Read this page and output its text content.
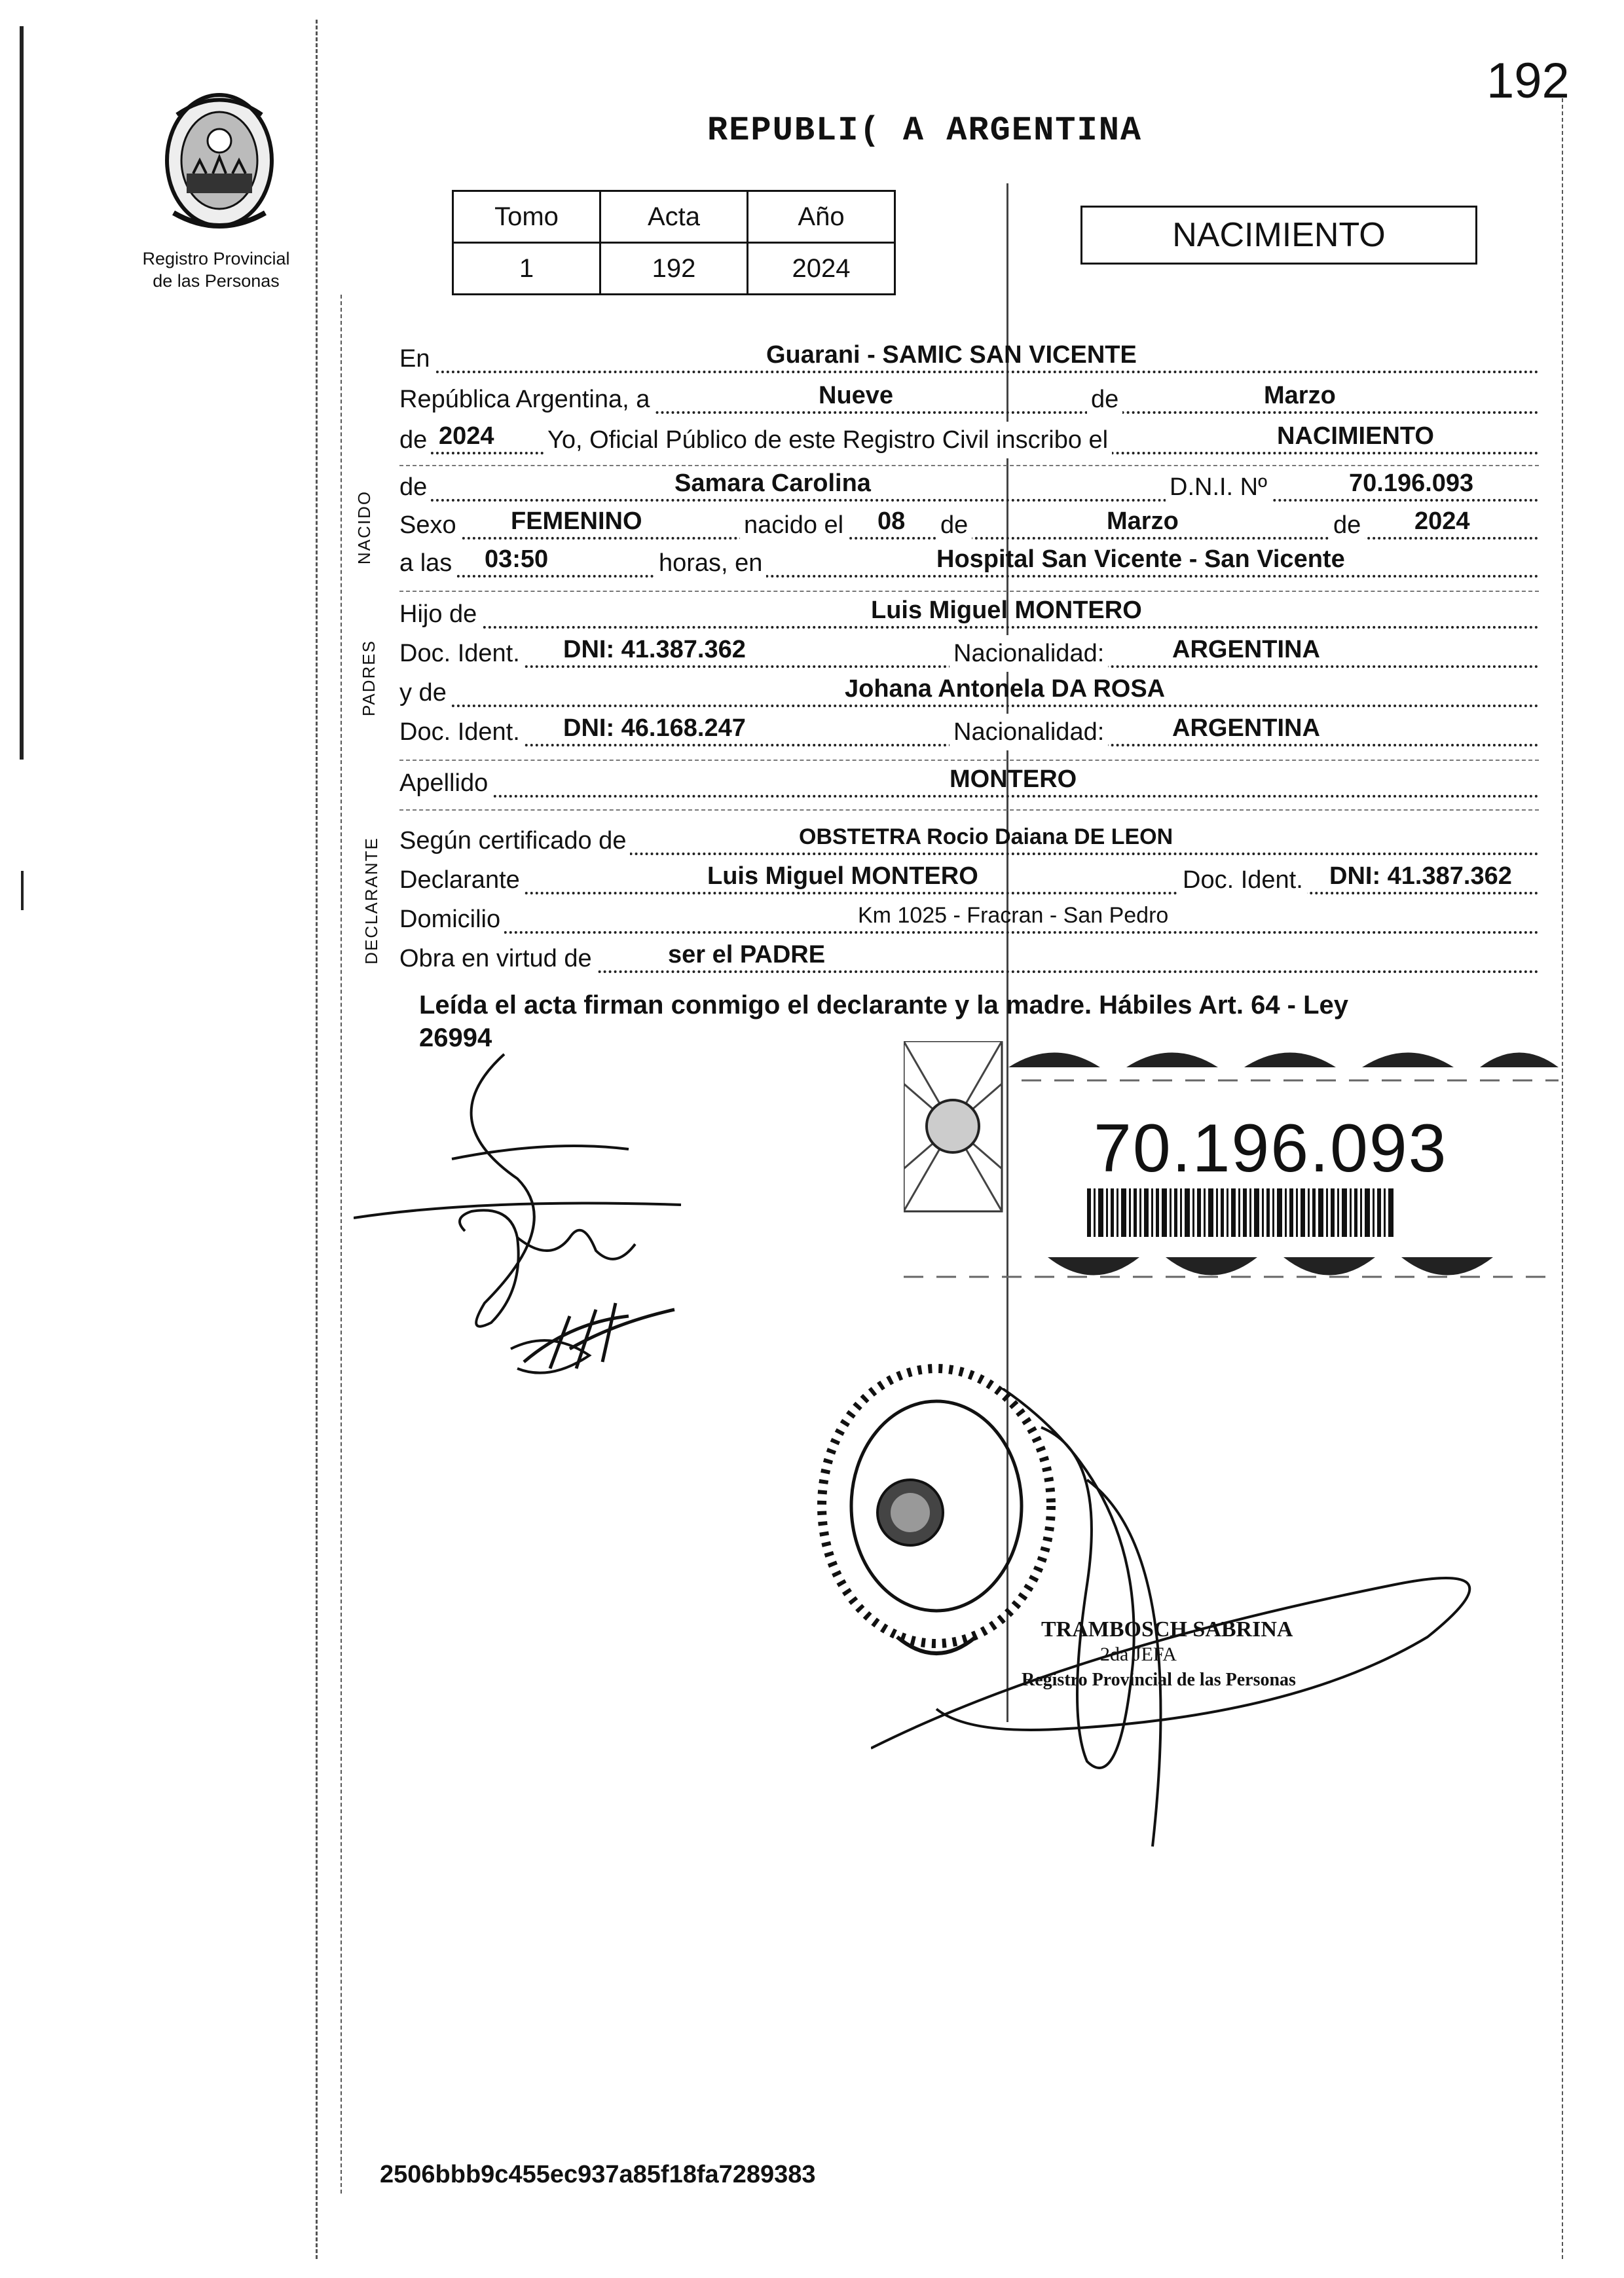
192
REPUBLI( A ARGENTINA
Registro Provincial
de las Personas
Tomo	Acta	Año
1	192	2024
NACIMIENTO
En	Guarani - SAMIC SAN VICENTE
República Argentina, a	Nueve	de	Marzo
de 2024 Yo, Oficial Público de este Registro Civil inscribo el	NACIMIENTO
NACIDO
de	Samara Carolina	D.N.I. Nº	70.196.093
Sexo FEMENINO	nacido el 08 de	Marzo	de 2024
a las 03:50	horas, en	Hospital San Vicente - San Vicente
PADRES
Hijo de	Luis Miguel MONTERO
Doc. Ident. DNI: 41.387.362	Nacionalidad:	ARGENTINA
y de	Johana Antonela DA ROSA
Doc. Ident. DNI: 46.168.247	Nacionalidad:	ARGENTINA
Apellido	MONTERO
DECLARANTE Según certificado de	OBSTETRA Rocio Daiana DE LEON
Declarante	Luis Miguel MONTERO	Doc. Ident. DNI: 41.387.362
Domicilio	Km 1025 - Fracran - San Pedro
Obra en virtud de	ser el PADRE
Leída el acta firman conmigo el declarante y la madre. Hábiles Art. 64 - Ley
26994
70.196.093
TRAMBOSCH SABRINA
2da JEFA
Registro Provincial de las Personas
2506bbb9c455ec937a85f18fa7289383
